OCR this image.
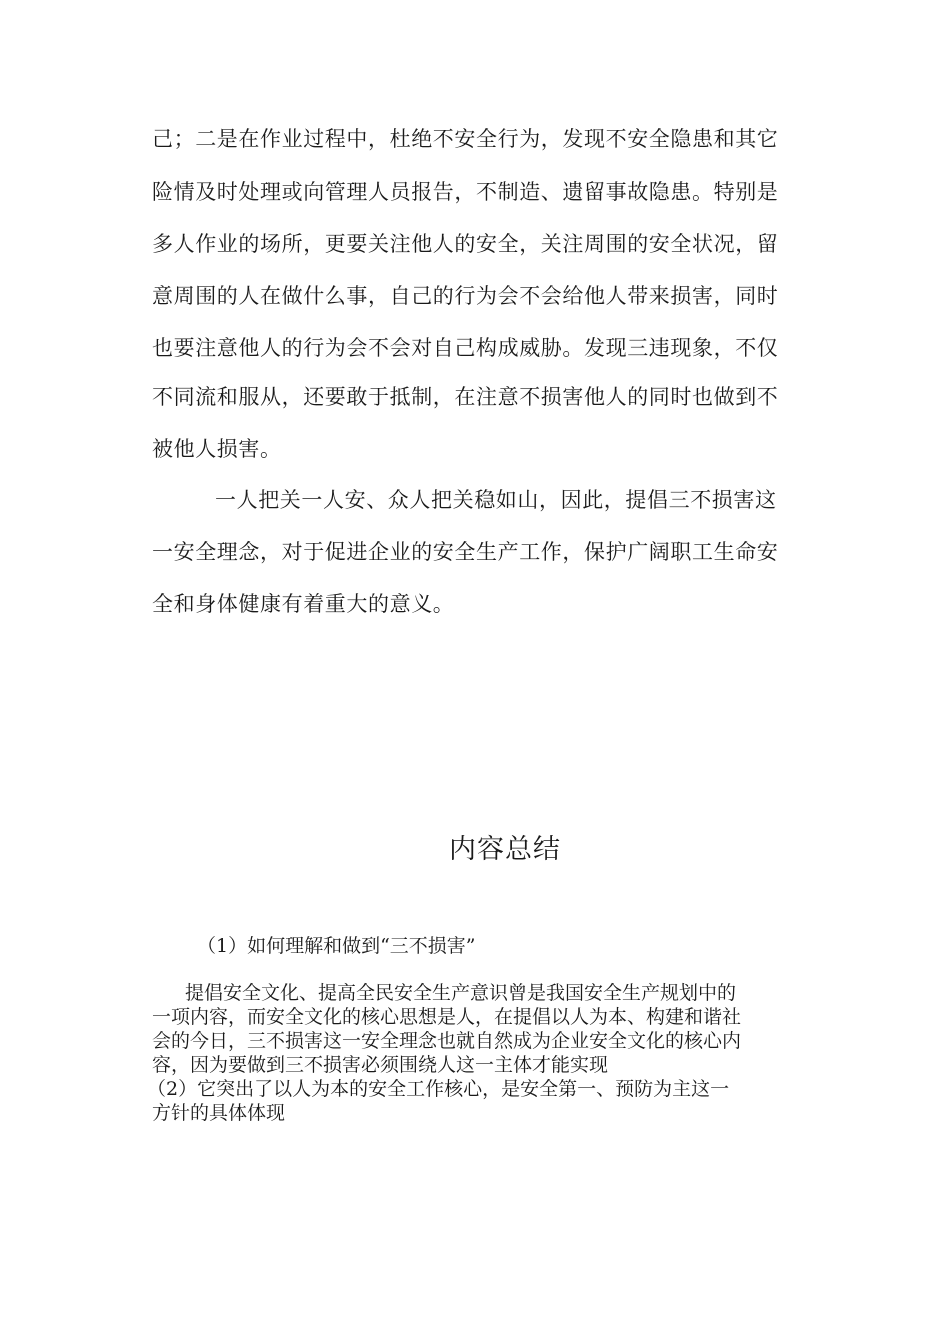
己；二是在作业过程中，杜绝不安全行为，发现不安全隐患和其它
险情及时处理或向管理人员报告，不制造、遗留事故隐患。特别是
多人作业的场所，更要关注他人的安全，关注周围的安全状况，留
意周围的人在做什么事，自己的行为会不会给他人带来损害，同时
也要注意他人的行为会不会对自己构成威胁。发现三违现象，不仅
不同流和服从，还要敢于抵制，在注意不损害他人的同时也做到不
被他人损害。
一人把关一人安、众人把关稳如山，因此，提倡三不损害这
一安全理念，对于促进企业的安全生产工作，保护广阔职工生命安
全和身体健康有着重大的意义。
内容总结
（1）如何理解和做到“三不损害”
提倡安全文化、提高全民安全生产意识曾是我国安全生产规划中的
一项内容，而安全文化的核心思想是人，在提倡以人为本、构建和谐社
会的今日，三不损害这一安全理念也就自然成为企业安全文化的核心内
容，因为要做到三不损害必须围绕人这一主体才能实现
（2）它突出了以人为本的安全工作核心，是安全第一、预防为主这一
方针的具体体现
